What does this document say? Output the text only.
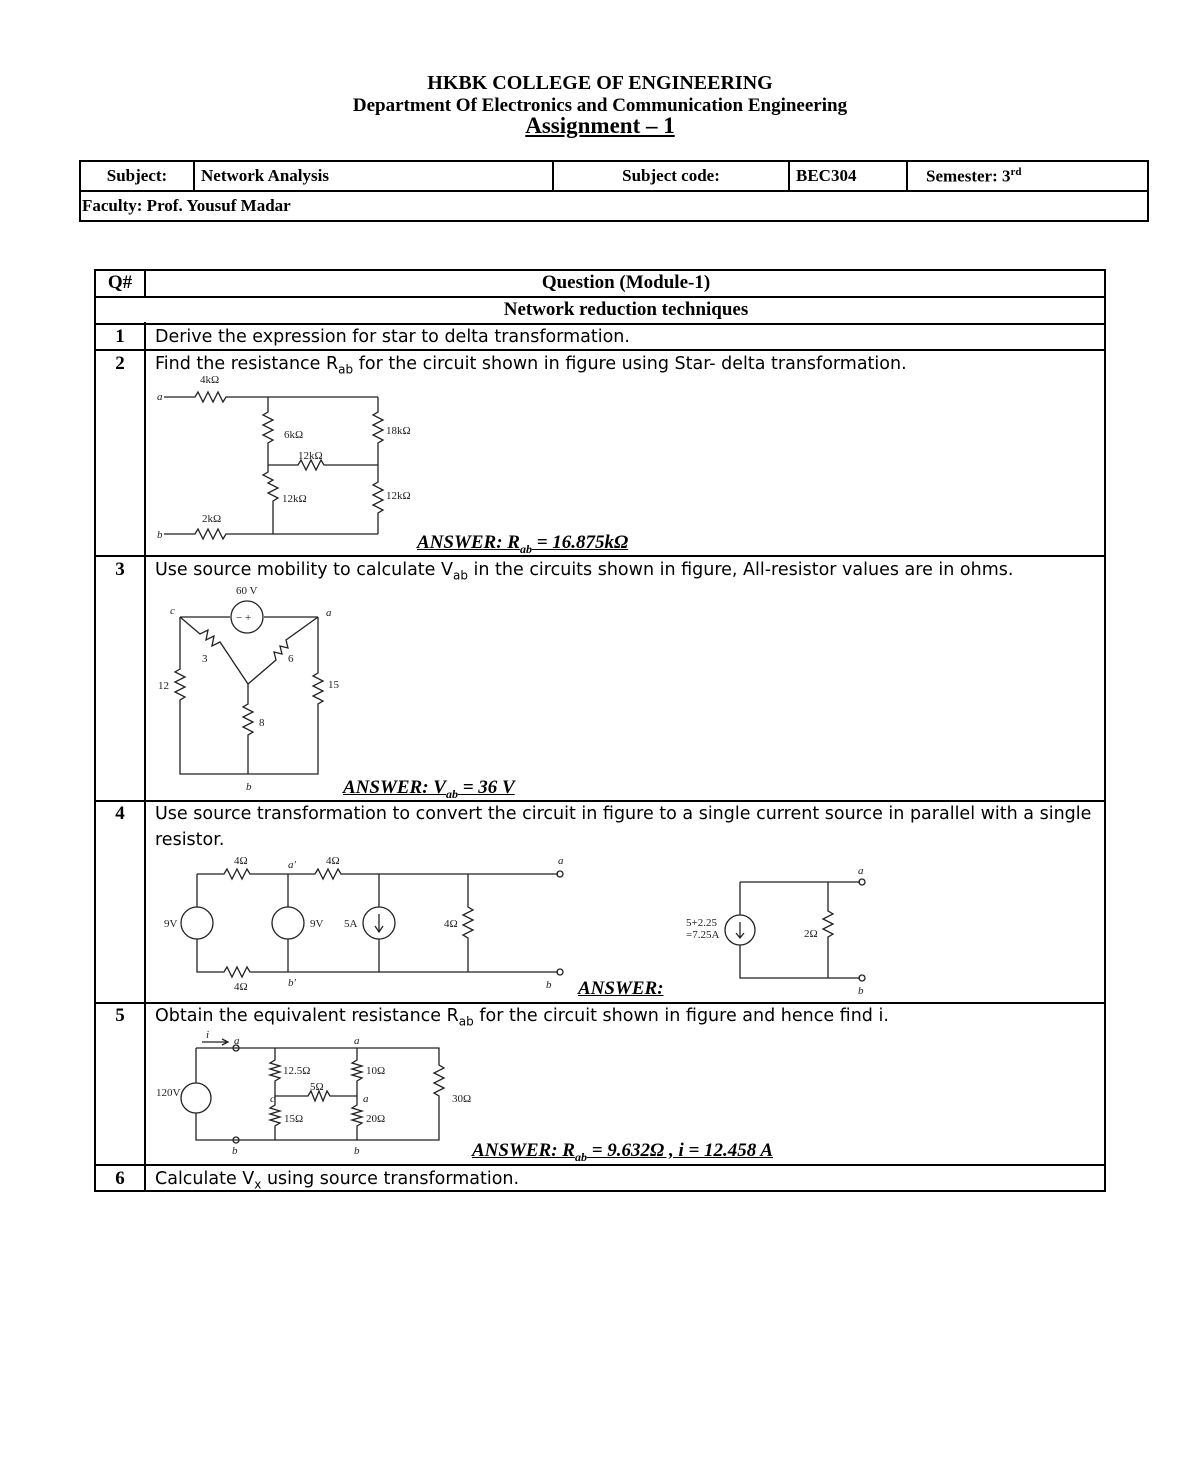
HKBK COLLEGE OF ENGINEERING
Department Of Electronics and Communication Engineering
Assignment – 1
Subject:	Network Analysis	Subject code:	BEC304	Semester: 3rd
Faculty: Prof. Yousuf Madar
Q#	Question (Module-1)
Network reduction techniques
1	Derive the expression for star to delta transformation.
2	Find the resistance $R_{ab}$ for the circuit shown in figure using Star- delta transformation.
4kΩ
a
6kΩ	18kΩ
12kΩ
12kΩ	12kΩ
2kΩ
b	ANSWER: $R_{ab} = 16.875k\Omega$
3	Use source mobility to calculate $V_{ab}$ in the circuits shown in figure, All-resistor values are in ohms.
60 V
c	a
− +
3	6
12	15
8
b	ANSWER: $V_{ab} = 36$ V
4	Use source transformation to convert the circuit in figure to a single current source in parallel with a single resistor.
4Ω	a′	4Ω	a
9V	9V 5A	4Ω
4Ω	b′	b
5+2.25
=7.25A	2Ω
a
b
ANSWER:
5	Obtain the equivalent resistance $R_{ab}$ for the circuit shown in figure and hence find i.
i a
120V	30Ω
b
12.5Ω
c
15Ω
5Ω
a
10Ω
a
20Ω
b	ANSWER: $R_{ab} = 9.632\Omega$ , i = 12.458 A
6	Calculate $V_x$ using source transformation.
